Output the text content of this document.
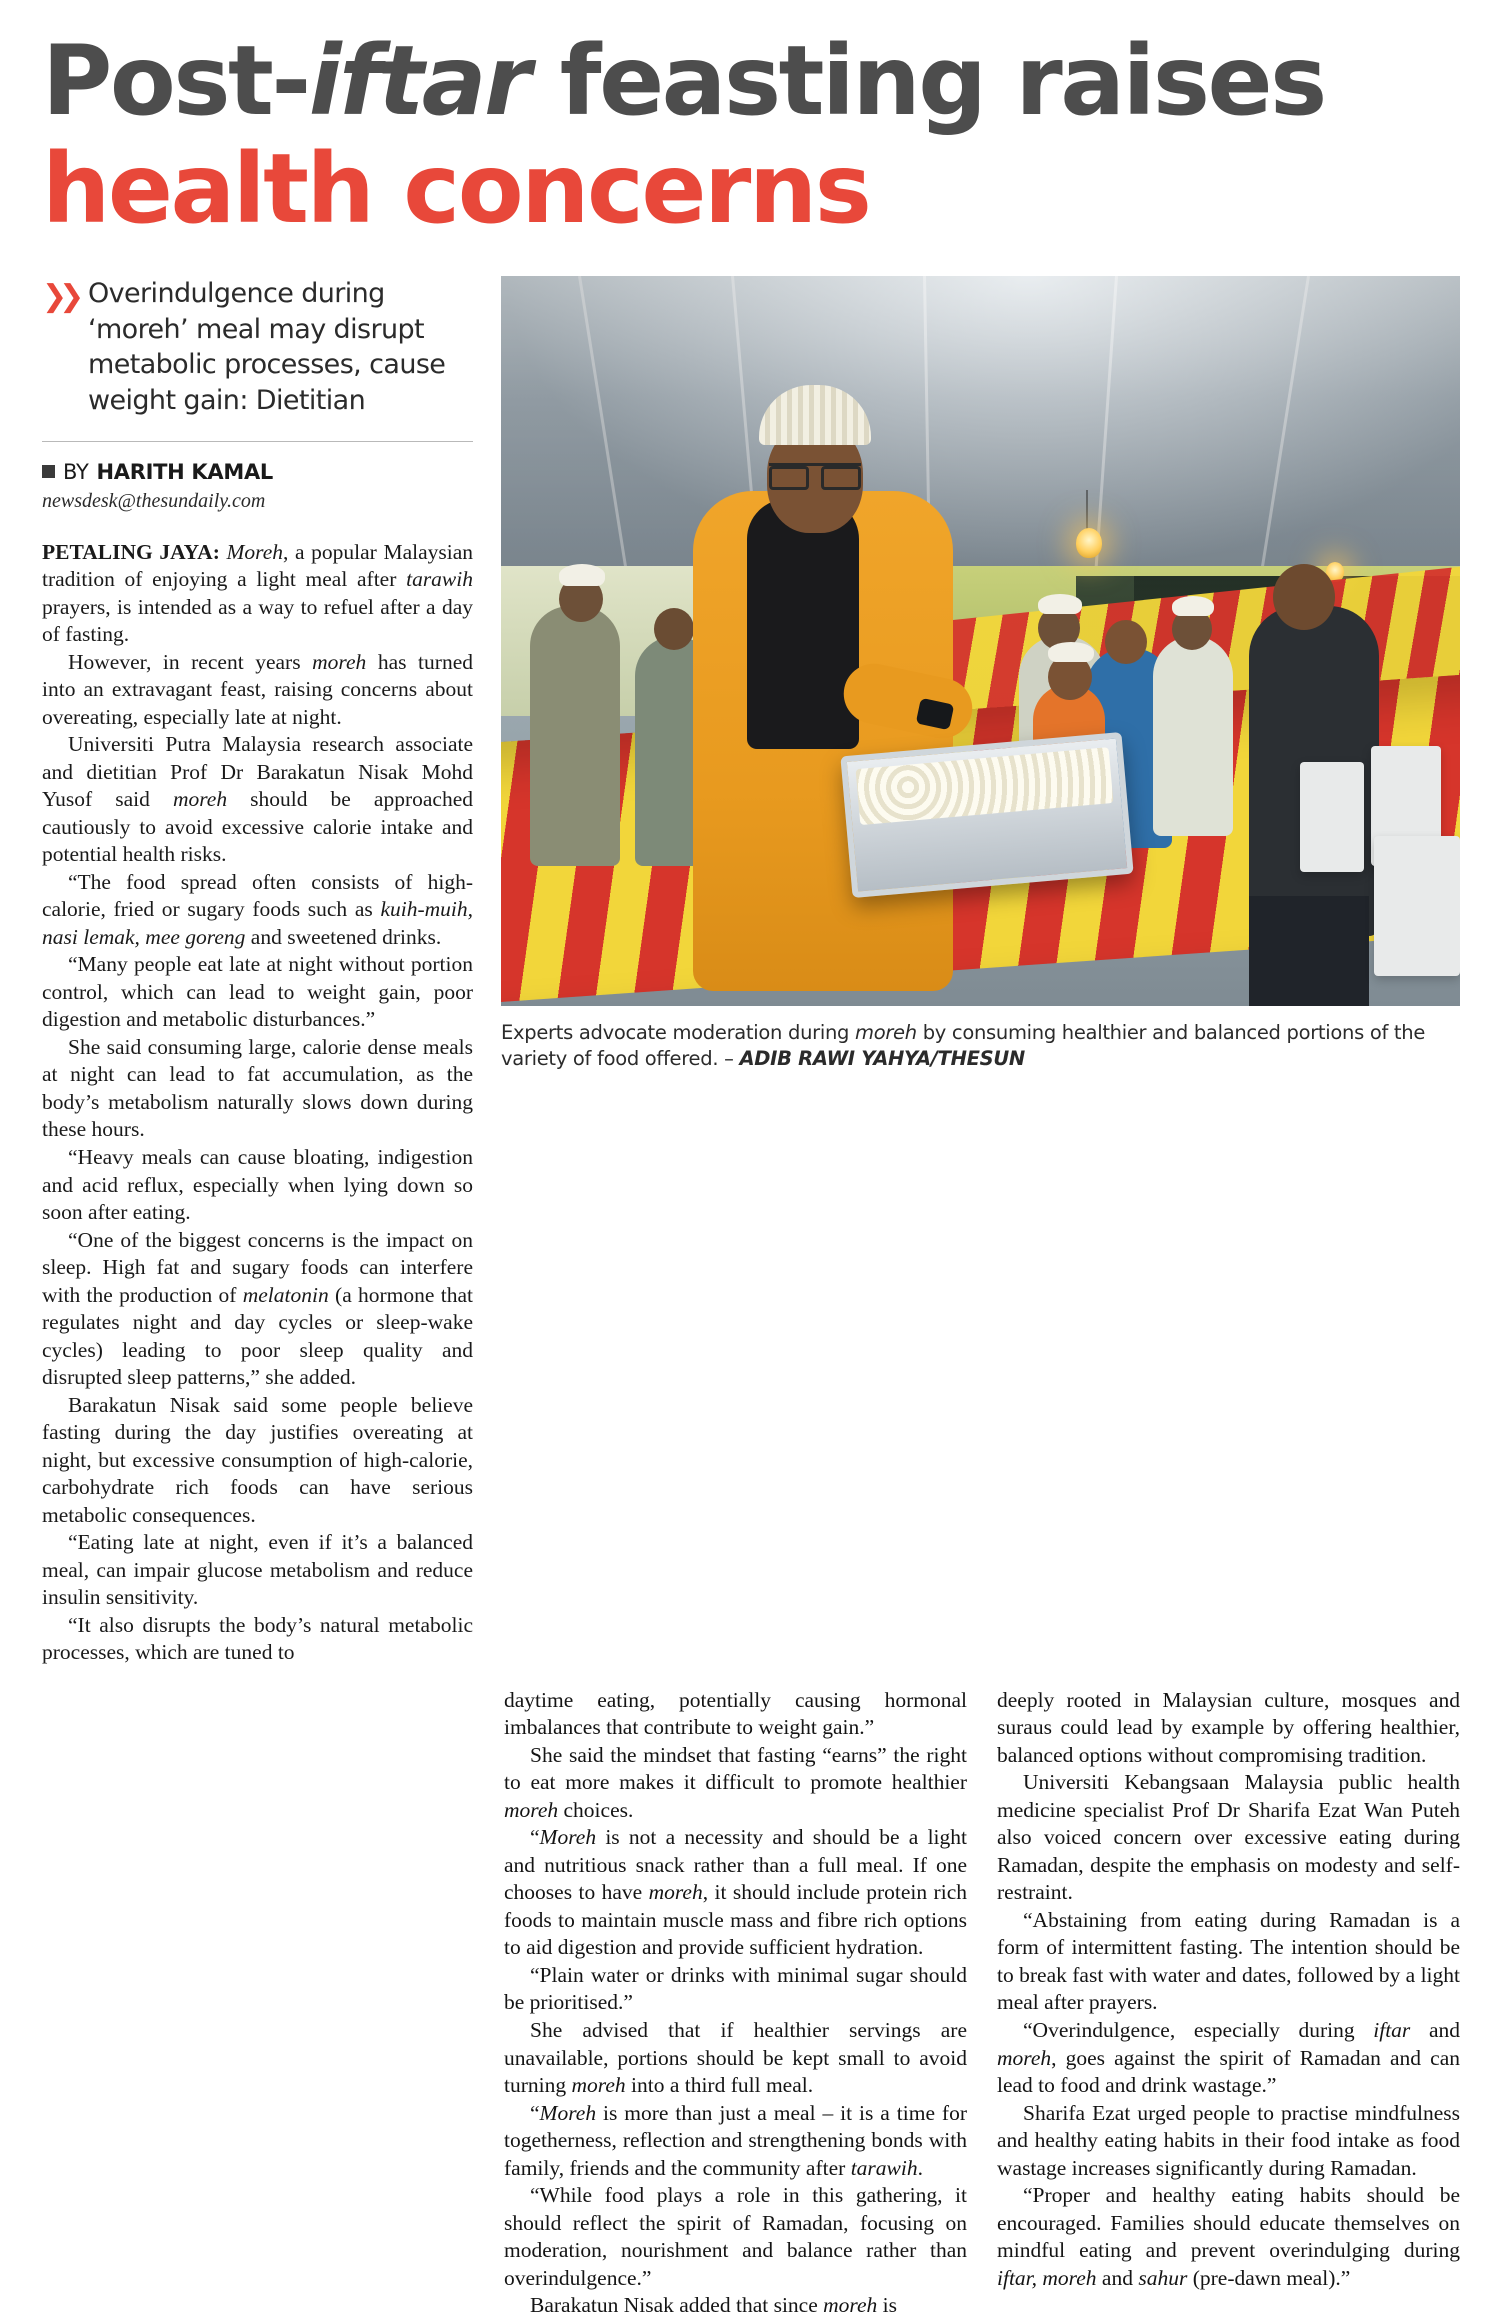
Post-iftar feasting raises
health concerns
❯❯ Overindulgence during ‘moreh’ meal may disrupt metabolic processes, cause weight gain: Dietitian
BY HARITH KAMAL
newsdesk@thesundaily.com

PETALING JAYA: Moreh, a popular Malaysian tradition of enjoying a light meal after tarawih prayers, is intended as a way to refuel after a day of fasting.

However, in recent years moreh has turned into an extravagant feast, raising concerns about overeating, especially late at night.

Universiti Putra Malaysia research associate and dietitian Prof Dr Barakatun Nisak Mohd Yusof said moreh should be approached cautiously to avoid excessive calorie intake and potential health risks.

“The food spread often consists of high-calorie, fried or sugary foods such as kuih-muih, nasi lemak, mee goreng and sweetened drinks.

“Many people eat late at night without portion control, which can lead to weight gain, poor digestion and metabolic disturbances.”

She said consuming large, calorie dense meals at night can lead to fat accumulation, as the body’s metabolism naturally slows down during these hours.

“Heavy meals can cause bloating, indigestion and acid reflux, especially when lying down so soon after eating.

“One of the biggest concerns is the impact on sleep. High fat and sugary foods can interfere with the production of melatonin (a hormone that regulates night and day cycles or sleep-wake cycles) leading to poor sleep quality and disrupted sleep patterns,” she added.

Barakatun Nisak said some people believe fasting during the day justifies overeating at night, but excessive consumption of high-calorie, carbohydrate rich foods can have serious metabolic consequences.

“Eating late at night, even if it’s a balanced meal, can impair glucose metabolism and reduce insulin sensitivity.

“It also disrupts the body’s natural metabolic processes, which are tuned to

Experts advocate moderation during moreh by consuming healthier and balanced portions of the variety of food offered. – ADIB RAWI YAHYA/THESUN

daytime eating, potentially causing hormonal imbalances that contribute to weight gain.”

She said the mindset that fasting “earns” the right to eat more makes it difficult to promote healthier moreh choices.

“Moreh is not a necessity and should be a light and nutritious snack rather than a full meal. If one chooses to have moreh, it should include protein rich foods to maintain muscle mass and fibre rich options to aid digestion and provide sufficient hydration.

“Plain water or drinks with minimal sugar should be prioritised.”

She advised that if healthier servings are unavailable, portions should be kept small to avoid turning moreh into a third full meal.

“Moreh is more than just a meal – it is a time for togetherness, reflection and strengthening bonds with family, friends and the community after tarawih.

“While food plays a role in this gathering, it should reflect the spirit of Ramadan, focusing on moderation, nourishment and balance rather than overindulgence.”

Barakatun Nisak added that since moreh is

deeply rooted in Malaysian culture, mosques and suraus could lead by example by offering healthier, balanced options without compromising tradition.

Universiti Kebangsaan Malaysia public health medicine specialist Prof Dr Sharifa Ezat Wan Puteh also voiced concern over excessive eating during Ramadan, despite the emphasis on modesty and self-restraint.

“Abstaining from eating during Ramadan is a form of intermittent fasting. The intention should be to break fast with water and dates, followed by a light meal after prayers.

“Overindulgence, especially during iftar and moreh, goes against the spirit of Ramadan and can lead to food and drink wastage.”

Sharifa Ezat urged people to practise mindfulness and healthy eating habits in their food intake as food wastage increases significantly during Ramadan.

“Proper and healthy eating habits should be encouraged. Families should educate themselves on mindful eating and prevent overindulging during iftar, moreh and sahur (pre-dawn meal).”
